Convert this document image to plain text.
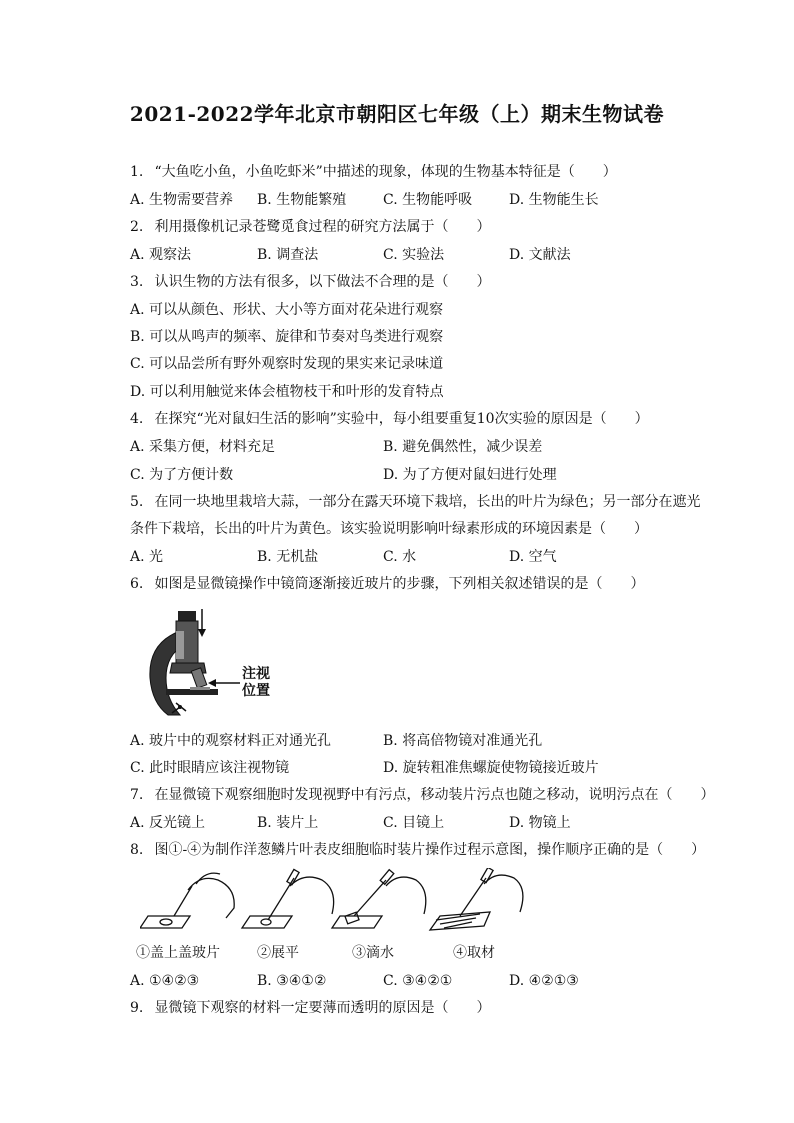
2021-2022学年北京市朝阳区七年级（上）期末生物试卷
1. “大鱼吃小鱼，小鱼吃虾米”中描述的现象，体现的生物基本特征是（　　）
A. 生物需要营养 B. 生物能繁殖	C. 生物能呼吸	D. 生物能生长
2. 利用摄像机记录苍鹭觅食过程的研究方法属于（　　）
A. 观察法	B. 调查法	C. 实验法	D. 文献法
3. 认识生物的方法有很多，以下做法不合理的是（　　）
A. 可以从颜色、形状、大小等方面对花朵进行观察
B. 可以从鸣声的频率、旋律和节奏对鸟类进行观察
C. 可以品尝所有野外观察时发现的果实来记录味道
D. 可以利用触觉来体会植物枝干和叶形的发育特点
4. 在探究“光对鼠妇生活的影响”实验中，每小组要重复10次实验的原因是（　　）
A. 采集方便，材料充足	B. 避免偶然性，减少误差
C. 为了方便计数	D. 为了方便对鼠妇进行处理
5. 在同一块地里栽培大蒜，一部分在露天环境下栽培，长出的叶片为绿色；另一部分在遮光
条件下栽培，长出的叶片为黄色。该实验说明影响叶绿素形成的环境因素是（　　）
A. 光	B. 无机盐	C. 水	D. 空气
6. 如图是显微镜操作中镜筒逐渐接近玻片的步骤，下列相关叙述错误的是（　　）
注视
位置
A. 玻片中的观察材料正对通光孔	B. 将高倍物镜对准通光孔
C. 此时眼睛应该注视物镜	D. 旋转粗准焦螺旋使物镜接近玻片
7. 在显微镜下观察细胞时发现视野中有污点，移动装片污点也随之移动，说明污点在（　　）
A. 反光镜上	B. 装片上	C. 目镜上	D. 物镜上
8. 图①-④为制作洋葱鳞片叶表皮细胞临时装片操作过程示意图，操作顺序正确的是（　　）
①盖上盖玻片	②展平	③滴水	④取材
A. ①④②③	B. ③④①②	C. ③④②①	D. ④②①③
9. 显微镜下观察的材料一定要薄而透明的原因是（　　）
